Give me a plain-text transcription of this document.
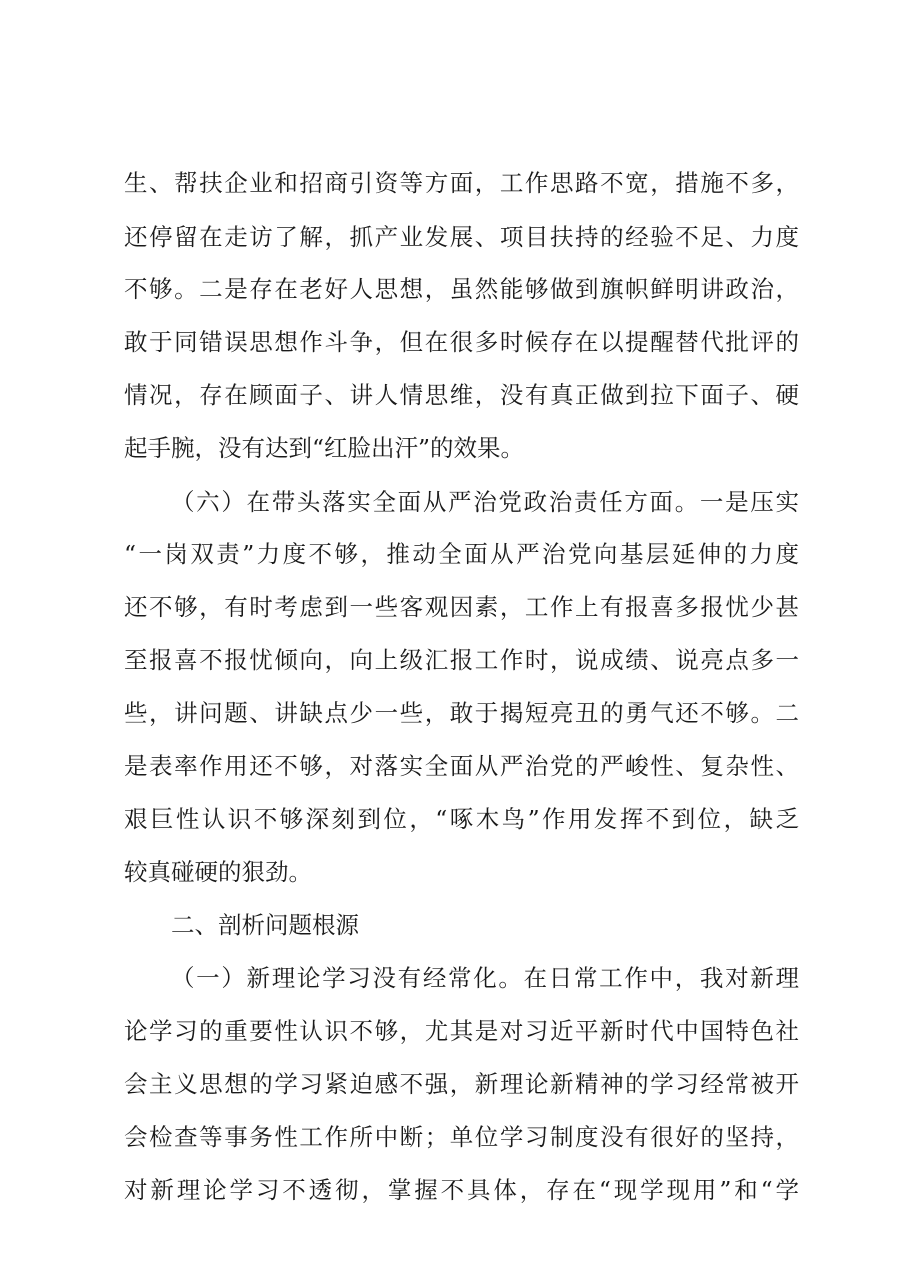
生、帮扶企业和招商引资等方面，工作思路不宽，措施不多，
还停留在走访了解，抓产业发展、项目扶持的经验不足、力度
不够。二是存在老好人思想，虽然能够做到旗帜鲜明讲政治，
敢于同错误思想作斗争，但在很多时候存在以提醒替代批评的
情况，存在顾面子、讲人情思维，没有真正做到拉下面子、硬
起手腕，没有达到“红脸出汗”的效果。
（六）在带头落实全面从严治党政治责任方面。一是压实
“一岗双责”力度不够，推动全面从严治党向基层延伸的力度
还不够，有时考虑到一些客观因素，工作上有报喜多报忧少甚
至报喜不报忧倾向，向上级汇报工作时，说成绩、说亮点多一
些，讲问题、讲缺点少一些，敢于揭短亮丑的勇气还不够。二
是表率作用还不够，对落实全面从严治党的严峻性、复杂性、
艰巨性认识不够深刻到位，“啄木鸟”作用发挥不到位，缺乏
较真碰硬的狠劲。
二、剖析问题根源
（一）新理论学习没有经常化。在日常工作中，我对新理
论学习的重要性认识不够，尤其是对习近平新时代中国特色社
会主义思想的学习紧迫感不强，新理论新精神的学习经常被开
会检查等事务性工作所中断；单位学习制度没有很好的坚持，
对新理论学习不透彻，掌握不具体，存在“现学现用”和“学
